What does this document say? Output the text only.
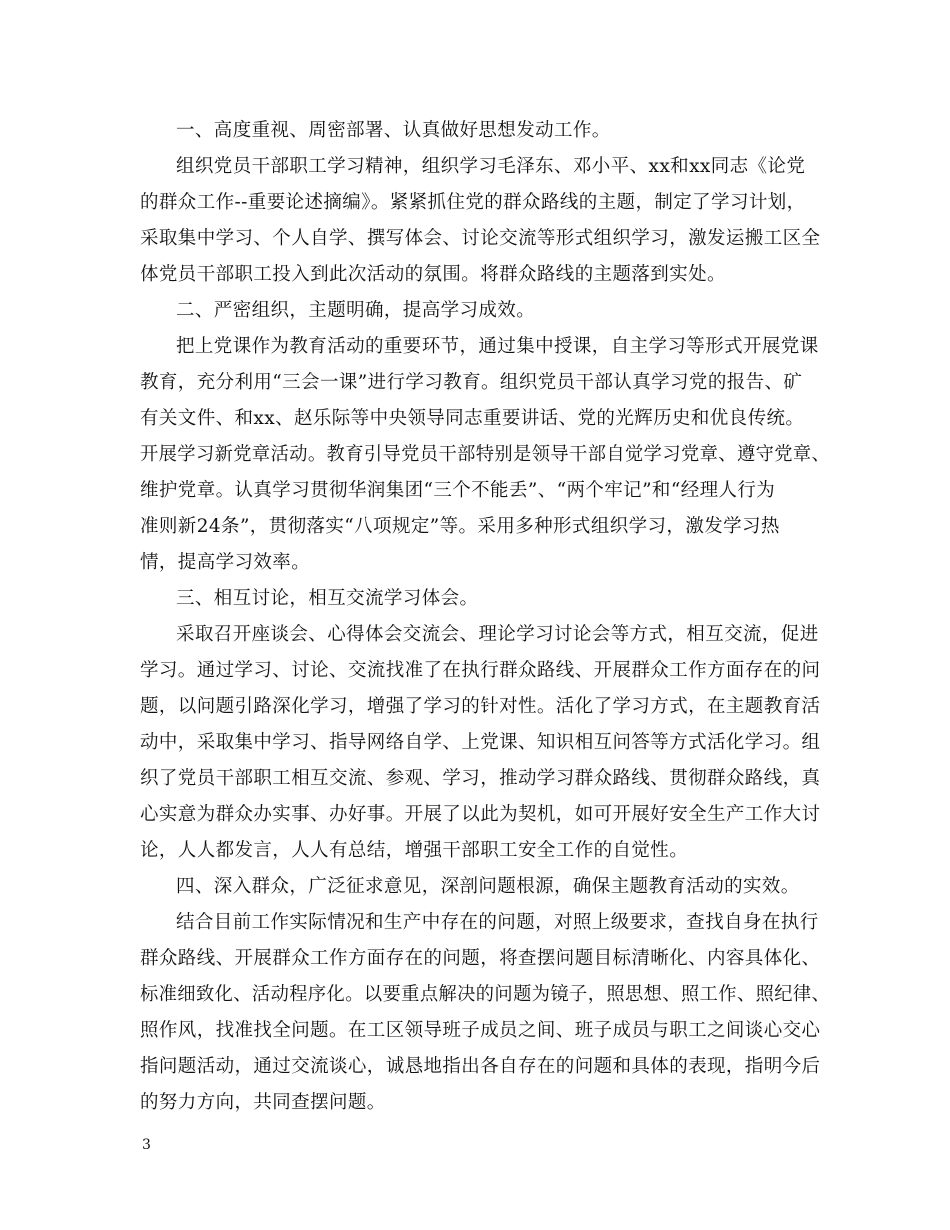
一、高度重视、周密部署、认真做好思想发动工作。
组织党员干部职工学习精神，组织学习毛泽东、邓小平、xx和xx同志《论党
的群众工作--重要论述摘编》。紧紧抓住党的群众路线的主题，制定了学习计划，
采取集中学习、个人自学、撰写体会、讨论交流等形式组织学习，激发运搬工区全
体党员干部职工投入到此次活动的氛围。将群众路线的主题落到实处。
二、严密组织，主题明确，提高学习成效。
把上党课作为教育活动的重要环节，通过集中授课，自主学习等形式开展党课
教育，充分利用“三会一课”进行学习教育。组织党员干部认真学习党的报告、矿
有关文件、和xx、赵乐际等中央领导同志重要讲话、党的光辉历史和优良传统。
开展学习新党章活动。教育引导党员干部特别是领导干部自觉学习党章、遵守党章、
维护党章。认真学习贯彻华润集团“三个不能丢”、“两个牢记”和“经理人行为
准则新24条”，贯彻落实“八项规定”等。采用多种形式组织学习，激发学习热
情，提高学习效率。
三、相互讨论，相互交流学习体会。
采取召开座谈会、心得体会交流会、理论学习讨论会等方式，相互交流，促进
学习。通过学习、讨论、交流找准了在执行群众路线、开展群众工作方面存在的问
题，以问题引路深化学习，增强了学习的针对性。活化了学习方式，在主题教育活
动中，采取集中学习、指导网络自学、上党课、知识相互问答等方式活化学习。组
织了党员干部职工相互交流、参观、学习，推动学习群众路线、贯彻群众路线，真
心实意为群众办实事、办好事。开展了以此为契机，如可开展好安全生产工作大讨
论，人人都发言，人人有总结，增强干部职工安全工作的自觉性。
四、深入群众，广泛征求意见，深剖问题根源，确保主题教育活动的实效。
结合目前工作实际情况和生产中存在的问题，对照上级要求，查找自身在执行
群众路线、开展群众工作方面存在的问题，将查摆问题目标清晰化、内容具体化、
标准细致化、活动程序化。以要重点解决的问题为镜子，照思想、照工作、照纪律、
照作风，找准找全问题。在工区领导班子成员之间、班子成员与职工之间谈心交心
指问题活动，通过交流谈心，诚恳地指出各自存在的问题和具体的表现，指明今后
的努力方向，共同查摆问题。
3
